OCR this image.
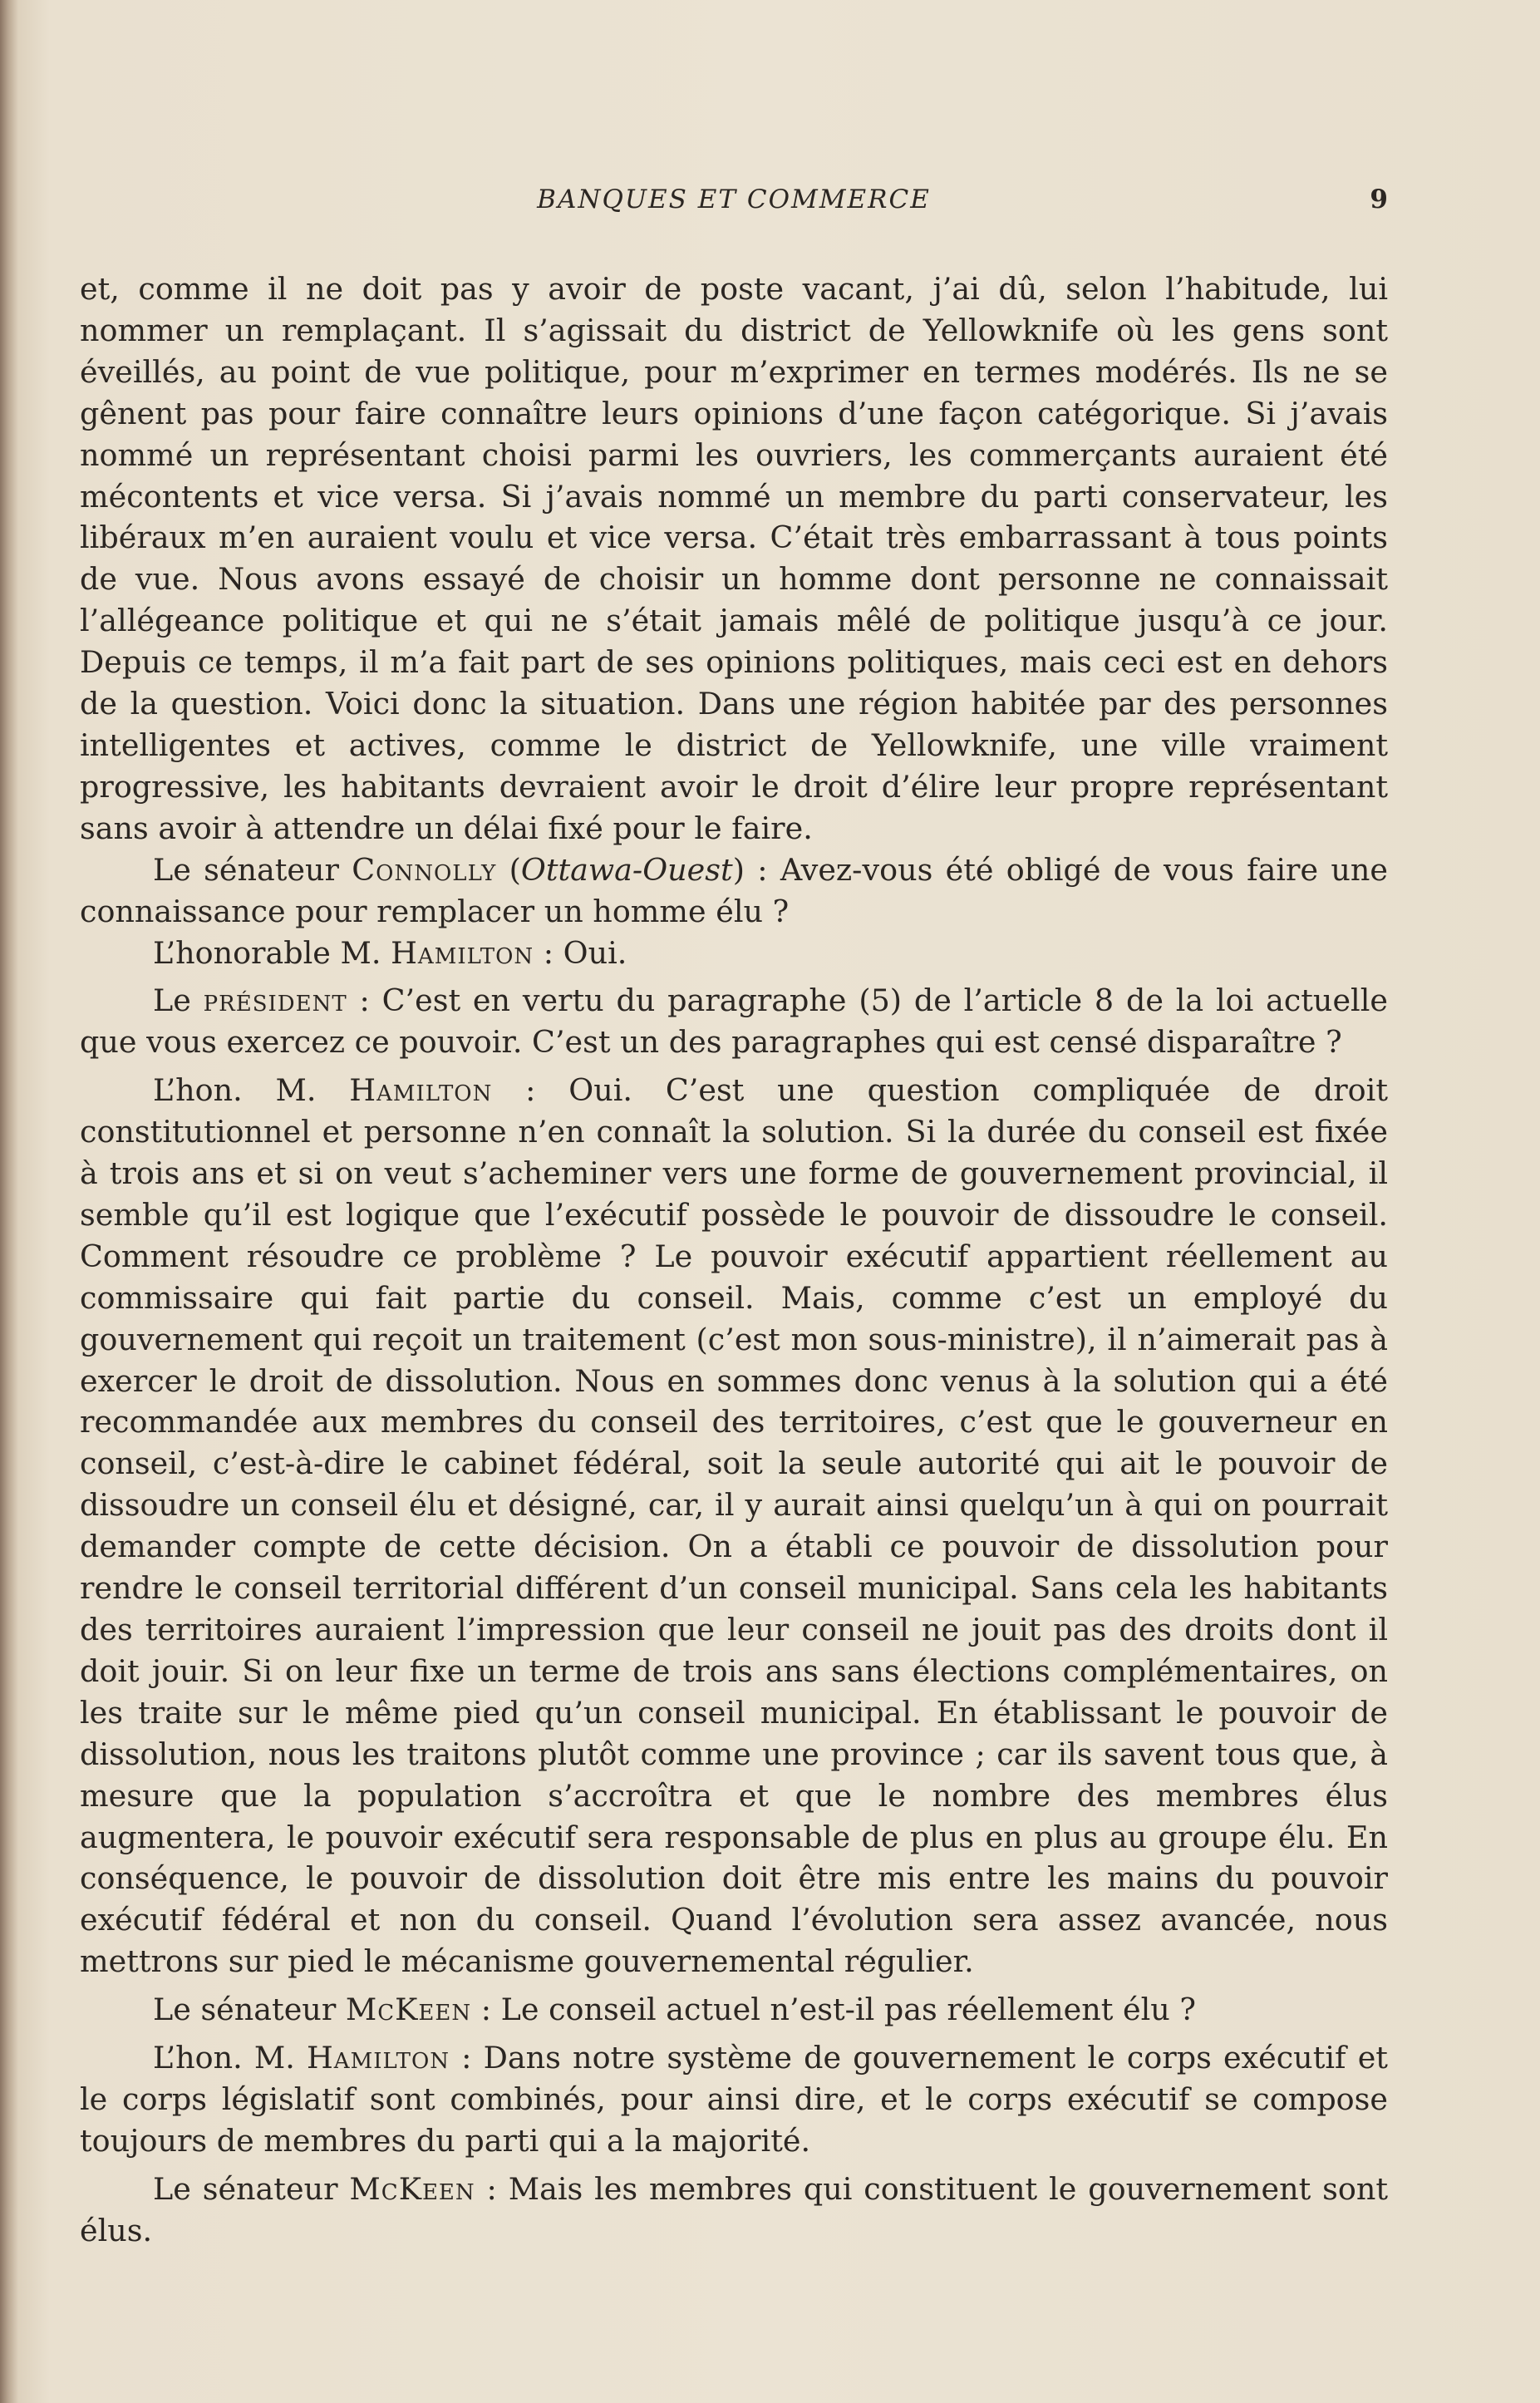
BANQUES ET COMMERCE	9

et, comme il ne doit pas y avoir de poste vacant, j’ai dû, selon l’habitude, lui nommer un remplaçant. Il s’agissait du district de Yellowknife où les gens sont éveillés, au point de vue politique, pour m’exprimer en termes modérés. Ils ne se gênent pas pour faire connaître leurs opinions d’une façon catégorique. Si j’avais nommé un représentant choisi parmi les ouvriers, les commerçants auraient été mécontents et vice versa. Si j’avais nommé un membre du parti conservateur, les libéraux m’en auraient voulu et vice versa. C’était très embarrassant à tous points de vue. Nous avons essayé de choisir un homme dont personne ne connaissait l’allégeance politique et qui ne s’était jamais mêlé de politique jusqu’à ce jour. Depuis ce temps, il m’a fait part de ses opinions politiques, mais ceci est en dehors de la question. Voici donc la situation. Dans une région habitée par des personnes intelligentes et actives, comme le district de Yellowknife, une ville vraiment progressive, les habitants devraient avoir le droit d’élire leur propre représentant sans avoir à attendre un délai fixé pour le faire.

Le sénateur Connolly (Ottawa-Ouest) : Avez-vous été obligé de vous faire une connaissance pour remplacer un homme élu ?

L’honorable M. Hamilton : Oui.

Le président : C’est en vertu du paragraphe (5) de l’article 8 de la loi actuelle que vous exercez ce pouvoir. C’est un des paragraphes qui est censé disparaître ?

L’hon. M. Hamilton : Oui. C’est une question compliquée de droit constitutionnel et personne n’en connaît la solution. Si la durée du conseil est fixée à trois ans et si on veut s’acheminer vers une forme de gouvernement provincial, il semble qu’il est logique que l’exécutif possède le pouvoir de dissoudre le conseil. Comment résoudre ce problème ? Le pouvoir exécutif appartient réellement au commissaire qui fait partie du conseil. Mais, comme c’est un employé du gouvernement qui reçoit un traitement (c’est mon sous-ministre), il n’aimerait pas à exercer le droit de dissolution. Nous en sommes donc venus à la solution qui a été recommandée aux membres du conseil des territoires, c’est que le gouverneur en conseil, c’est-à-dire le cabinet fédéral, soit la seule autorité qui ait le pouvoir de dissoudre un conseil élu et désigné, car, il y aurait ainsi quelqu’un à qui on pourrait demander compte de cette décision. On a établi ce pouvoir de dissolution pour rendre le conseil territorial différent d’un conseil municipal. Sans cela les habitants des territoires auraient l’impression que leur conseil ne jouit pas des droits dont il doit jouir. Si on leur fixe un terme de trois ans sans élections complémentaires, on les traite sur le même pied qu’un conseil municipal. En établissant le pouvoir de dissolution, nous les traitons plutôt comme une province ; car ils savent tous que, à mesure que la population s’accroîtra et que le nombre des membres élus augmentera, le pouvoir exécutif sera responsable de plus en plus au groupe élu. En conséquence, le pouvoir de dissolution doit être mis entre les mains du pouvoir exécutif fédéral et non du conseil. Quand l’évolution sera assez avancée, nous mettrons sur pied le mécanisme gouvernemental régulier.

Le sénateur McKeen : Le conseil actuel n’est-il pas réellement élu ?

L’hon. M. Hamilton : Dans notre système de gouvernement le corps exécutif et le corps législatif sont combinés, pour ainsi dire, et le corps exécutif se compose toujours de membres du parti qui a la majorité.

Le sénateur McKeen : Mais les membres qui constituent le gouvernement sont élus.
